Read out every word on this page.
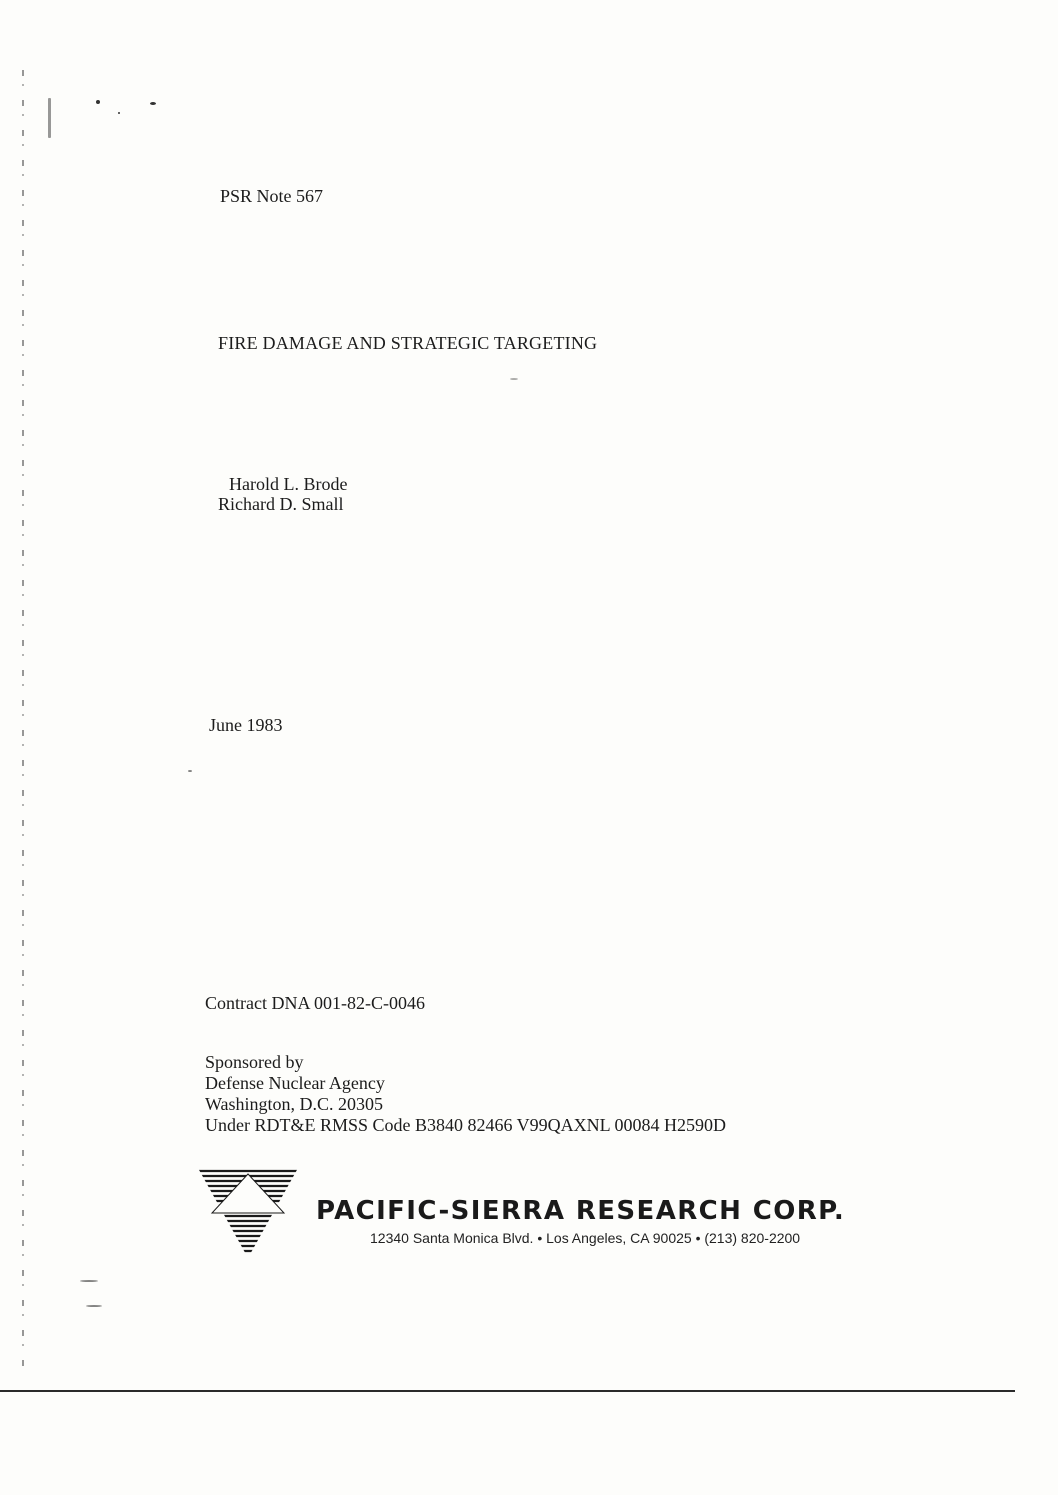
PSR Note 567
FIRE DAMAGE AND STRATEGIC TARGETING
Harold L. Brode
Richard D. Small
June 1983
Contract DNA 001-82-C-0046
Sponsored by
Defense Nuclear Agency
Washington, D.C. 20305
Under RDT&E RMSS Code B3840 82466 V99QAXNL 00084 H2590D
PACIFIC-SIERRA RESEARCH CORP.
12340 Santa Monica Blvd. • Los Angeles, CA 90025 • (213) 820-2200
